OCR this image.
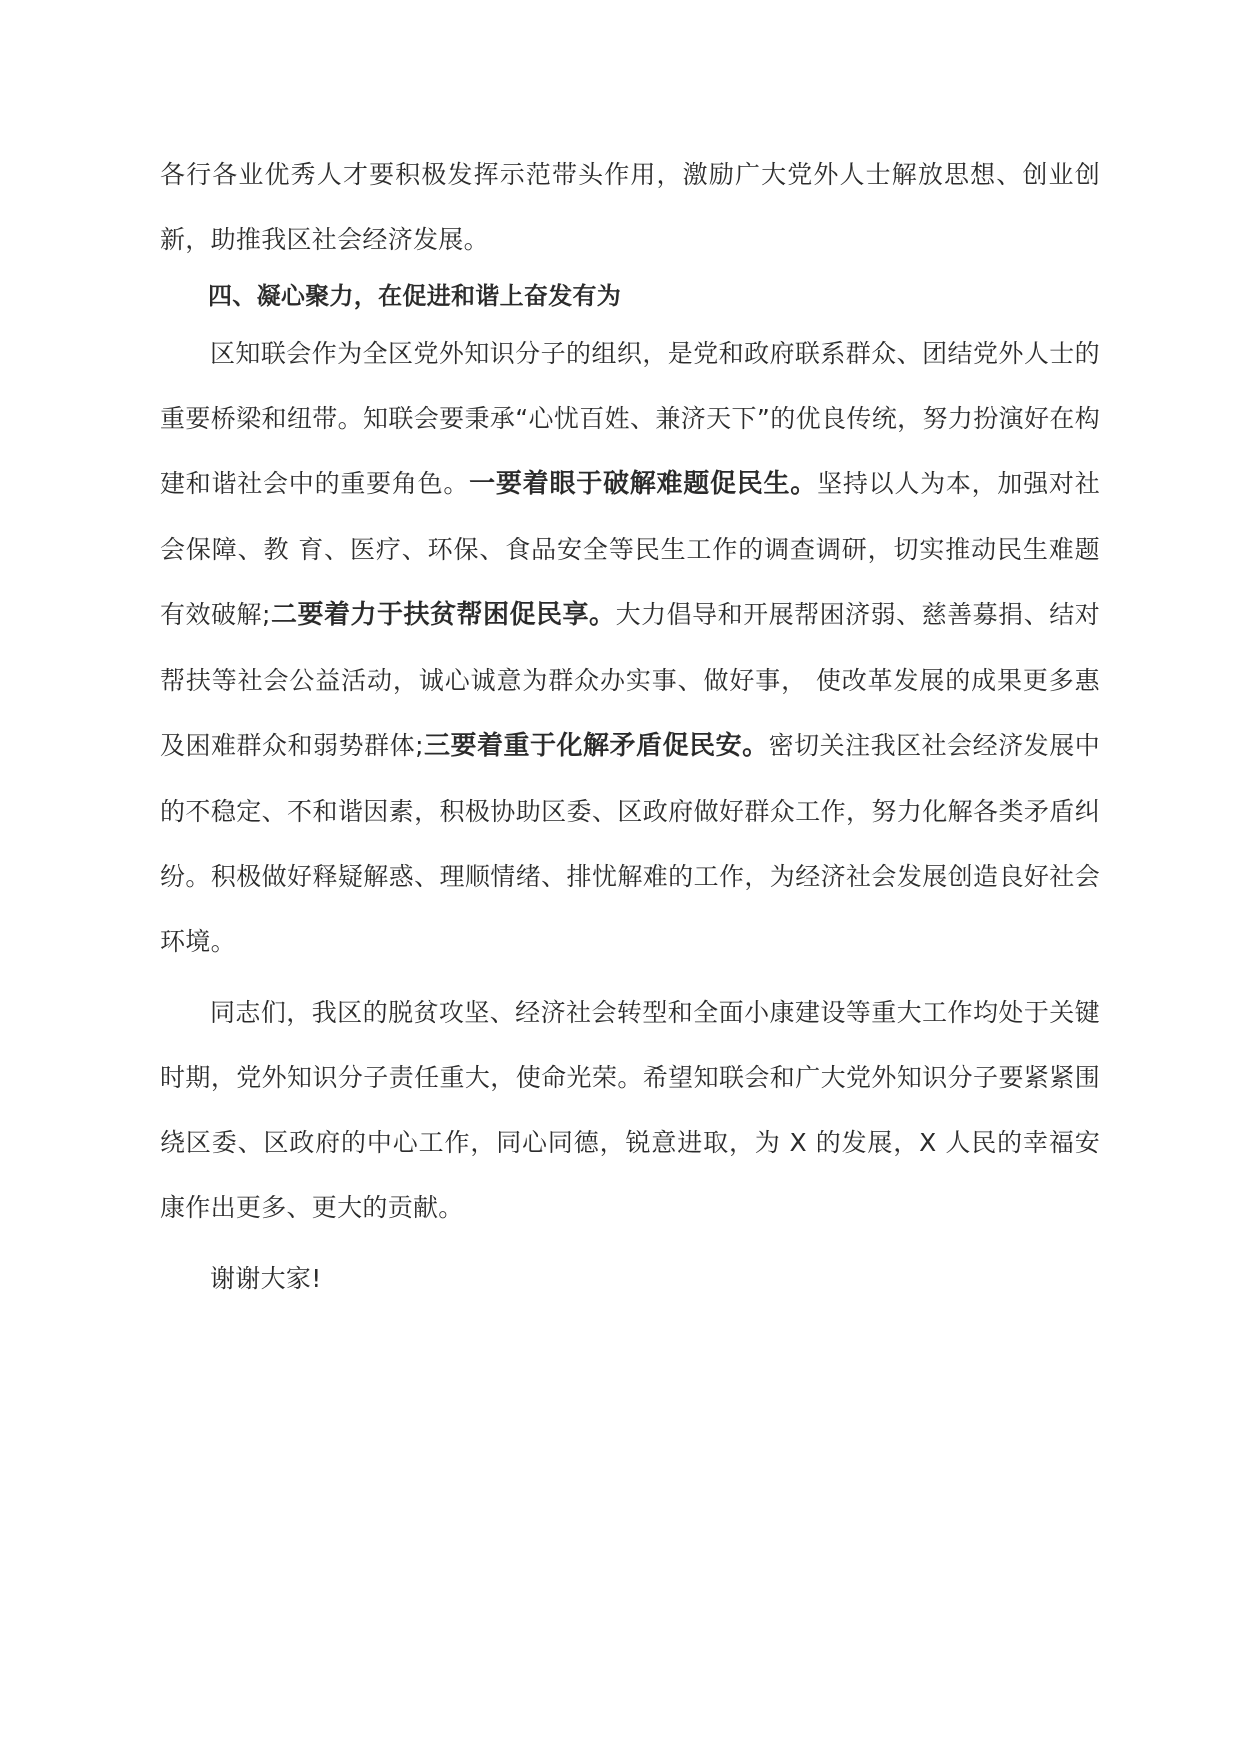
各行各业优秀人才要积极发挥示范带头作用，激励广大党外人士解放思想、创业创新，助推我区社会经济发展。

四、凝心聚力，在促进和谐上奋发有为

区知联会作为全区党外知识分子的组织，是党和政府联系群众、团结党外人士的重要桥梁和纽带。知联会要秉承“心忧百姓、兼济天下”的优良传统，努力扮演好在构建和谐社会中的重要角色。一要着眼于破解难题促民生。坚持以人为本，加强对社会保障、教 育、医疗、环保、食品安全等民生工作的调查调研，切实推动民生难题有效破解;二要着力于扶贫帮困促民享。大力倡导和开展帮困济弱、慈善募捐、结对帮扶等社会公益活动，诚心诚意为群众办实事、做好事， 使改革发展的成果更多惠及困难群众和弱势群体;三要着重于化解矛盾促民安。密切关注我区社会经济发展中的不稳定、不和谐因素，积极协助区委、区政府做好群众工作，努力化解各类矛盾纠纷。积极做好释疑解惑、理顺情绪、排忧解难的工作，为经济社会发展创造良好社会环境。

同志们，我区的脱贫攻坚、经济社会转型和全面小康建设等重大工作均处于关键时期，党外知识分子责任重大，使命光荣。希望知联会和广大党外知识分子要紧紧围绕区委、区政府的中心工作，同心同德，锐意进取，为 X 的发展，X 人民的幸福安康作出更多、更大的贡献。

谢谢大家!
